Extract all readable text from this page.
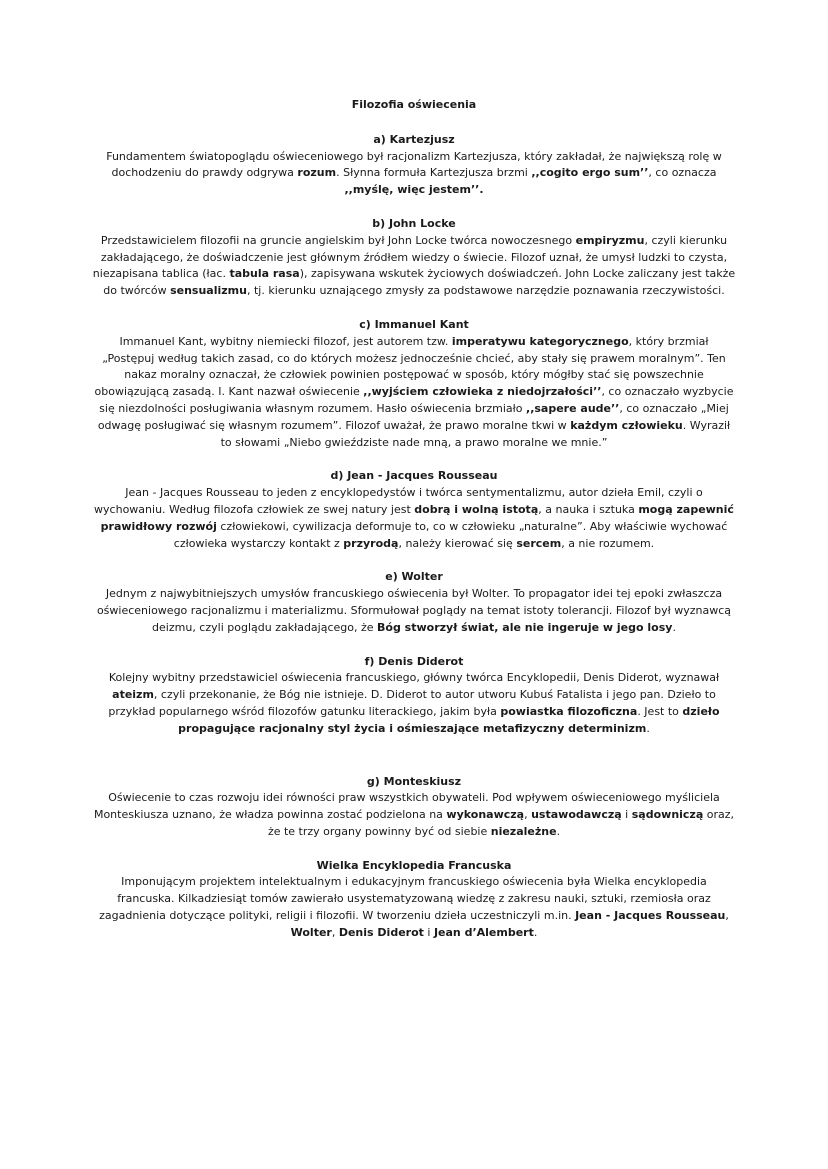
Filozofia oświecenia
a) Kartezjusz

Fundamentem światopoglądu oświeceniowego był racjonalizm Kartezjusza, który zakładał, że największą rolę w dochodzeniu do prawdy odgrywa rozum. Słynna formuła Kartezjusza brzmi ,,cogito ergo sum’’, co oznacza ,,myślę, więc jestem’’.

b) John Locke

Przedstawicielem filozofii na gruncie angielskim był John Locke twórca nowoczesnego empiryzmu, czyli kierunku zakładającego, że doświadczenie jest głównym źródłem wiedzy o świecie. Filozof uznał, że umysł ludzki to czysta, niezapisana tablica (łac. tabula rasa), zapisywana wskutek życiowych doświadczeń. John Locke zaliczany jest także do twórców sensualizmu, tj. kierunku uznającego zmysły za podstawowe narzędzie poznawania rzeczywistości.

c) Immanuel Kant

Immanuel Kant, wybitny niemiecki filozof, jest autorem tzw. imperatywu kategorycznego, który brzmiał „Postępuj według takich zasad, co do których możesz jednocześnie chcieć, aby stały się prawem moralnym”. Ten nakaz moralny oznaczał, że człowiek powinien postępować w sposób, który mógłby stać się powszechnie obowiązującą zasadą. I. Kant nazwał oświecenie ,,wyjściem człowieka z niedojrzałości’’, co oznaczało wyzbycie się niezdolności posługiwania własnym rozumem. Hasło oświecenia brzmiało ,,sapere aude’’, co oznaczało „Miej odwagę posługiwać się własnym rozumem”. Filozof uważał, że prawo moralne tkwi w każdym człowieku. Wyraził to słowami „Niebo gwieździste nade mną, a prawo moralne we mnie.”

d) Jean - Jacques Rousseau

Jean - Jacques Rousseau to jeden z encyklopedystów i twórca sentymentalizmu, autor dzieła Emil, czyli o wychowaniu. Według filozofa człowiek ze swej natury jest dobrą i wolną istotą, a nauka i sztuka mogą zapewnić prawidłowy rozwój człowiekowi, cywilizacja deformuje to, co w człowieku „naturalne”. Aby właściwie wychować człowieka wystarczy kontakt z przyrodą, należy kierować się sercem, a nie rozumem.

e) Wolter

Jednym z najwybitniejszych umysłów francuskiego oświecenia był Wolter. To propagator idei tej epoki zwłaszcza oświeceniowego racjonalizmu i materializmu. Sformułował poglądy na temat istoty tolerancji. Filozof był wyznawcą deizmu, czyli poglądu zakładającego, że Bóg stworzył świat, ale nie ingeruje w jego losy.

f) Denis Diderot

Kolejny wybitny przedstawiciel oświecenia francuskiego, główny twórca Encyklopedii, Denis Diderot, wyznawał ateizm, czyli przekonanie, że Bóg nie istnieje. D. Diderot to autor utworu Kubuś Fatalista i jego pan. Dzieło to przykład popularnego wśród filozofów gatunku literackiego, jakim była powiastka filozoficzna. Jest to dzieło propagujące racjonalny styl życia i ośmieszające metafizyczny determinizm.

g) Monteskiusz

Oświecenie to czas rozwoju idei równości praw wszystkich obywateli. Pod wpływem oświeceniowego myśliciela Monteskiusza uznano, że władza powinna zostać podzielona na wykonawczą, ustawodawczą i sądowniczą oraz, że te trzy organy powinny być od siebie niezależne.

Wielka Encyklopedia Francuska

Imponującym projektem intelektualnym i edukacyjnym francuskiego oświecenia była Wielka encyklopedia francuska. Kilkadziesiąt tomów zawierało usystematyzowaną wiedzę z zakresu nauki, sztuki, rzemiosła oraz zagadnienia dotyczące polityki, religii i filozofii. W tworzeniu dzieła uczestniczyli m.in. Jean - Jacques Rousseau, Wolter, Denis Diderot i Jean d’Alembert.
